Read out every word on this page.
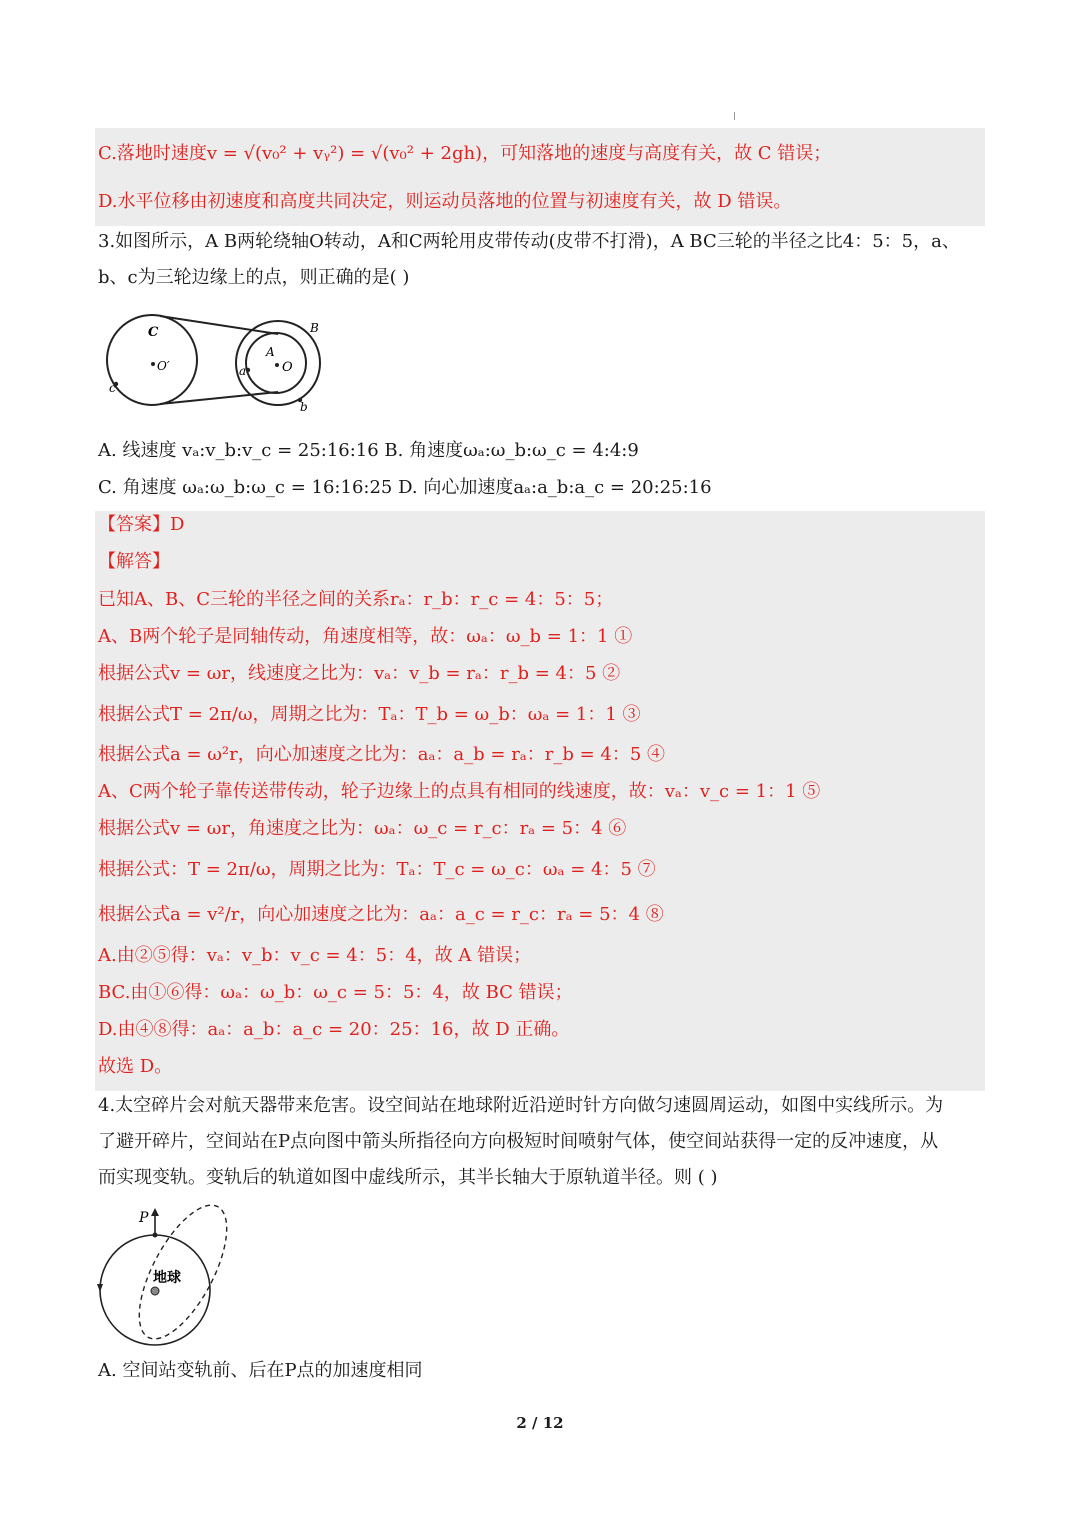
C.落地时速度v = √(v₀² + vᵧ²) = √(v₀² + 2gh)，可知落地的速度与高度有关，故 C 错误；
D.水平位移由初速度和高度共同决定，则运动员落地的位置与初速度有关，故 D 错误。
3.如图所示，A B两轮绕轴O转动，A和C两轮用皮带传动(皮带不打滑)，A BC三轮的半径之比4：5：5，a、
b、c为三轮边缘上的点，则正确的是( )
C
O′
c
B
A
O
a
b
A. 线速度 vₐ:v_b:v_c = 25:16:16 B. 角速度ωₐ:ω_b:ω_c = 4:4:9
C. 角速度 ωₐ:ω_b:ω_c = 16:16:25 D. 向心加速度aₐ:a_b:a_c = 20:25:16
【答案】D
【解答】
已知A、B、C三轮的半径之间的关系rₐ：r_b：r_c = 4：5：5；
A、B两个轮子是同轴传动，角速度相等，故：ωₐ：ω_b = 1：1 ①
根据公式v = ωr，线速度之比为：vₐ：v_b = rₐ：r_b = 4：5 ②
根据公式T = 2π/ω，周期之比为：Tₐ：T_b = ω_b：ωₐ = 1：1 ③
根据公式a = ω²r，向心加速度之比为：aₐ：a_b = rₐ：r_b = 4：5 ④
A、C两个轮子靠传送带传动，轮子边缘上的点具有相同的线速度，故：vₐ：v_c = 1：1 ⑤
根据公式v = ωr，角速度之比为：ωₐ：ω_c = r_c：rₐ = 5：4 ⑥
根据公式：T = 2π/ω，周期之比为：Tₐ：T_c = ω_c：ωₐ = 4：5 ⑦
根据公式a = v²/r，向心加速度之比为：aₐ：a_c = r_c：rₐ = 5：4 ⑧
A.由②⑤得：vₐ：v_b：v_c = 4：5：4，故 A 错误；
BC.由①⑥得：ωₐ：ω_b：ω_c = 5：5：4，故 BC 错误；
D.由④⑧得：aₐ：a_b：a_c = 20：25：16，故 D 正确。
故选 D。
4.太空碎片会对航天器带来危害。设空间站在地球附近沿逆时针方向做匀速圆周运动，如图中实线所示。为
了避开碎片，空间站在P点向图中箭头所指径向方向极短时间喷射气体，使空间站获得一定的反冲速度，从
而实现变轨。变轨后的轨道如图中虚线所示，其半长轴大于原轨道半径。则 ( )
P
地球
A. 空间站变轨前、后在P点的加速度相同
2 / 12
